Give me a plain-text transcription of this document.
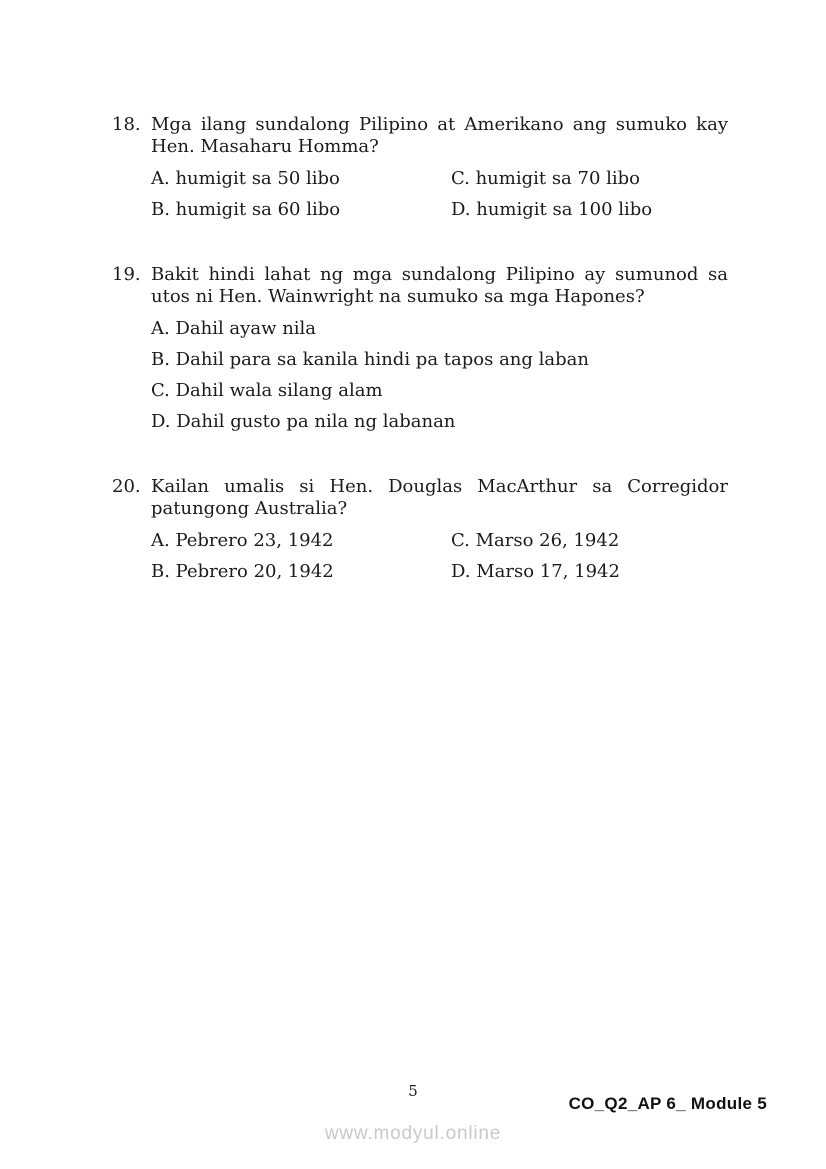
18. Mga ilang sundalong Pilipino at Amerikano ang sumuko kay Hen. Masaharu Homma?
A. humigit sa 50 libo	C. humigit sa 70 libo
B. humigit sa 60 libo	D. humigit sa 100 libo
19. Bakit hindi lahat ng mga sundalong Pilipino ay sumunod sa utos ni Hen. Wainwright na sumuko sa mga Hapones?
A. Dahil ayaw nila
B. Dahil para sa kanila hindi pa tapos ang laban
C. Dahil wala silang alam
D. Dahil gusto pa nila ng labanan
20. Kailan umalis si Hen. Douglas MacArthur sa Corregidor patungong Australia?
A. Pebrero 23, 1942	C. Marso 26, 1942
B. Pebrero 20, 1942	D. Marso 17, 1942
5
CO_Q2_AP 6_ Module 5
www.modyul.online
